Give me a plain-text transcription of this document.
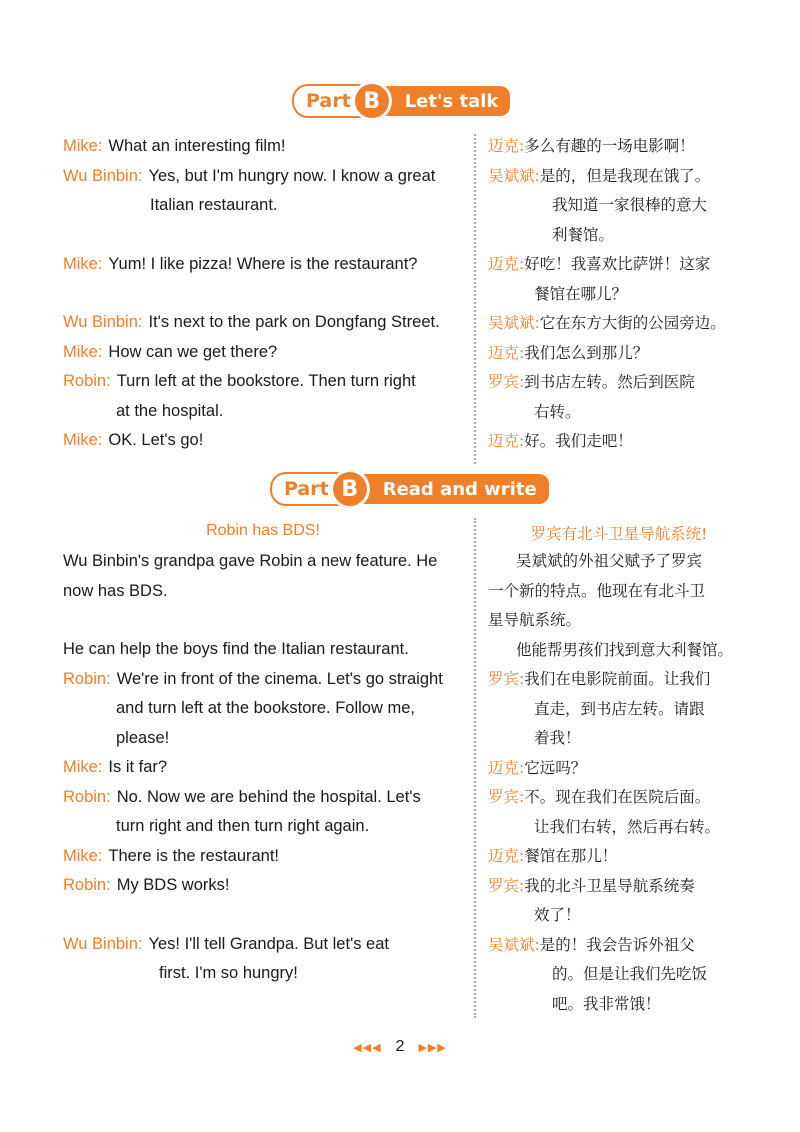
Part B	Let's talk
Mike: What an interesting film!
Wu Binbin: Yes, but I'm hungry now. I know a great
Italian restaurant.
Mike: Yum! I like pizza! Where is the restaurant?
Wu Binbin: It's next to the park on Dongfang Street.
Mike: How can we get there?
Robin: Turn left at the bookstore. Then turn right
at the hospital.
Mike: OK. Let's go!
迈克: 多么有趣的一场电影啊！
吴斌斌: 是的，但是我现在饿了。
我知道一家很棒的意大
利餐馆。
迈克: 好吃！我喜欢比萨饼！这家
餐馆在哪儿？
吴斌斌: 它在东方大街的公园旁边。
迈克: 我们怎么到那儿？
罗宾: 到书店左转。然后到医院
右转。
迈克: 好。我们走吧！
Part B	Read and write
Robin has BDS!	罗宾有北斗卫星导航系统!
Wu Binbin's grandpa gave Robin a new feature. He
now has BDS.
He can help the boys find the Italian restaurant.
Robin: We're in front of the cinema. Let's go straight
and turn left at the bookstore. Follow me,
please!
Mike: Is it far?
Robin: No. Now we are behind the hospital. Let's
turn right and then turn right again.
Mike: There is the restaurant!
Robin: My BDS works!
Wu Binbin: Yes! I'll tell Grandpa. But let's eat
first. I'm so hungry!
吴斌斌的外祖父赋予了罗宾
一个新的特点。他现在有北斗卫
星导航系统。
他能帮男孩们找到意大利餐馆。
罗宾: 我们在电影院前面。让我们
直走，到书店左转。请跟
着我！
迈克: 它远吗？
罗宾: 不。现在我们在医院后面。
让我们右转，然后再右转。
迈克: 餐馆在那儿！
罗宾: 我的北斗卫星导航系统奏
效了！
吴斌斌: 是的！我会告诉外祖父
的。但是让我们先吃饭
吧。我非常饿！
◀◀◀ 2 ▶▶▶
